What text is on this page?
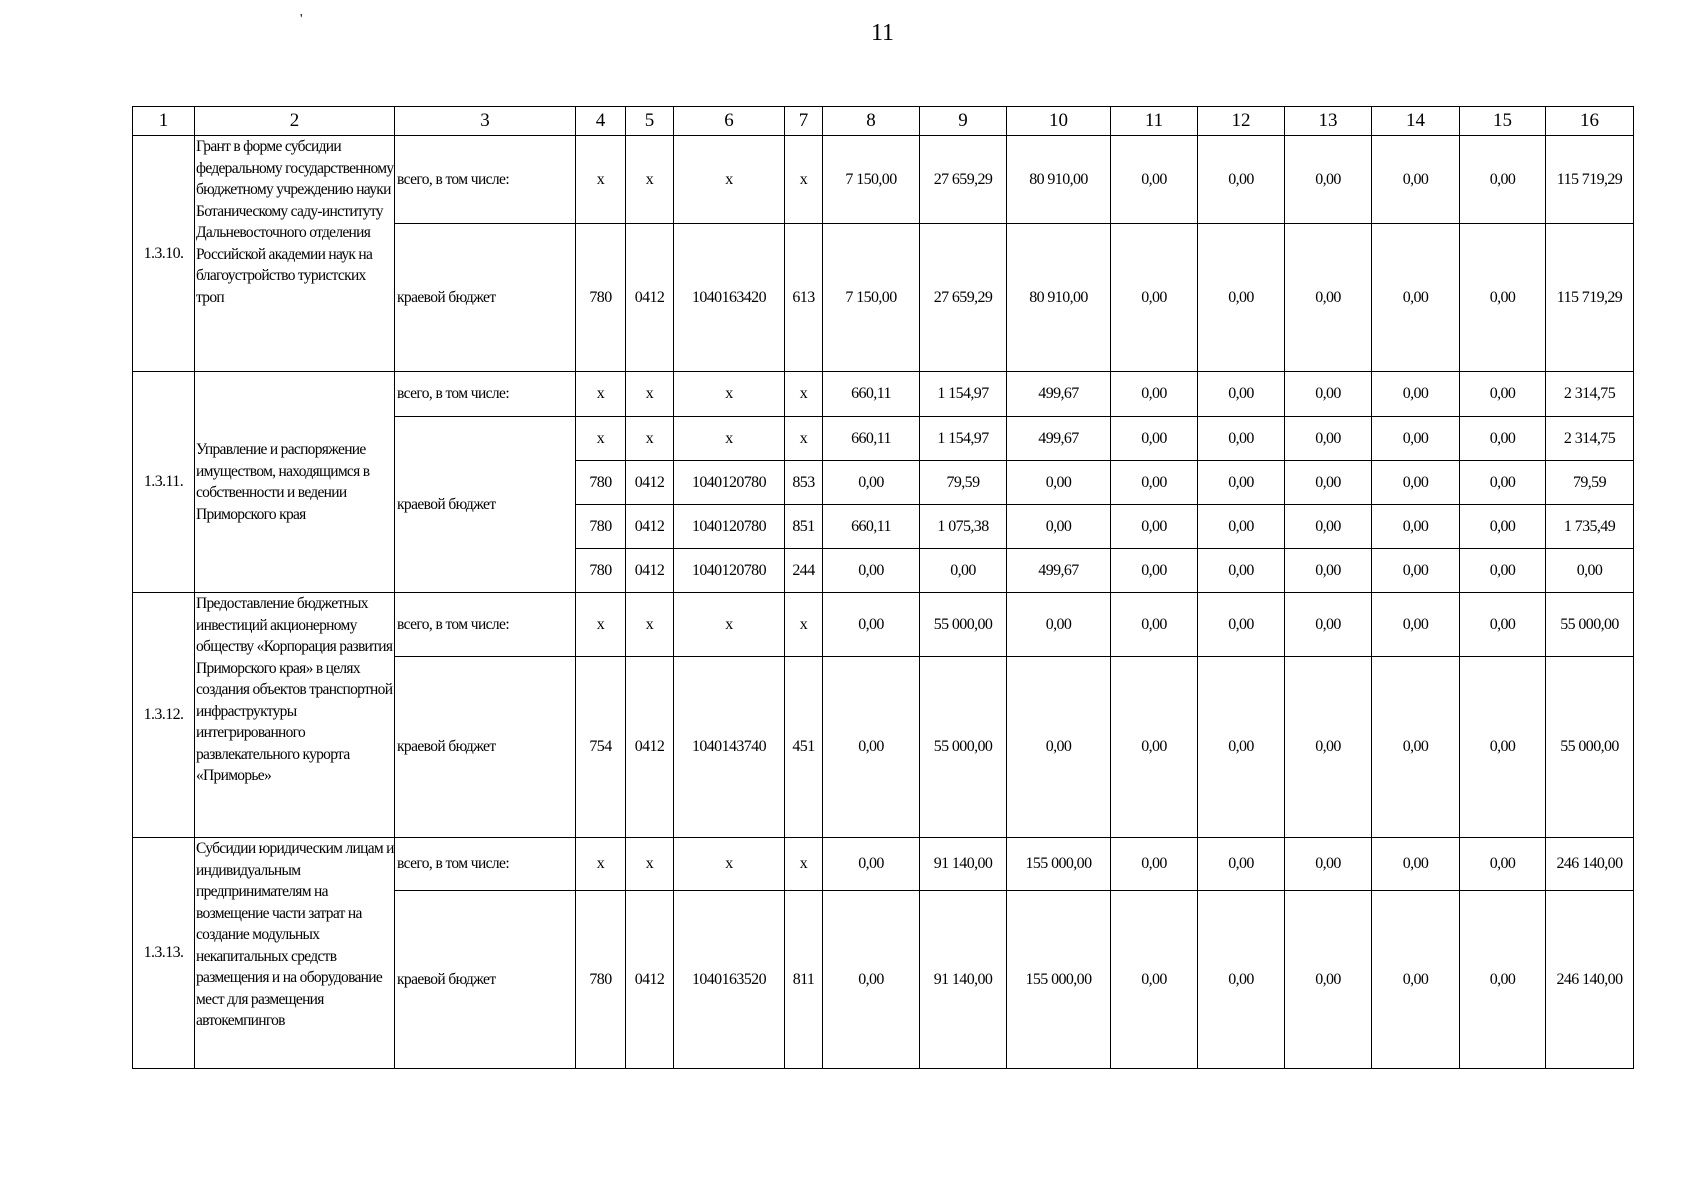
11
'
1	2	3	4	5	6	7	8	9	10	11	12	13	14	15	16
1.3.10.	Грант в форме субсидии федеральному государственному бюджетному учреждению науки Ботаническому саду-институту Дальневосточного отделения Российской академии наук на благоустройство туристских троп	всего, в том числе:	x	x	x	x	7 150,00	27 659,29	80 910,00	0,00	0,00	0,00	0,00	0,00	115 719,29
		краевой бюджет	780	0412	1040163420	613	7 150,00	27 659,29	80 910,00	0,00	0,00	0,00	0,00	0,00	115 719,29
1.3.11.	Управление и распоряжение имуществом, находящимся в собственности и ведении Приморского края	всего, в том числе:	x	x	x	x	660,11	1 154,97	499,67	0,00	0,00	0,00	0,00	0,00	2 314,75
		краевой бюджет	x	x	x	x	660,11	1 154,97	499,67	0,00	0,00	0,00	0,00	0,00	2 314,75
			780	0412	1040120780	853	0,00	79,59	0,00	0,00	0,00	0,00	0,00	0,00	79,59
			780	0412	1040120780	851	660,11	1 075,38	0,00	0,00	0,00	0,00	0,00	0,00	1 735,49
			780	0412	1040120780	244	0,00	0,00	499,67	0,00	0,00	0,00	0,00	0,00	0,00
1.3.12.	Предоставление бюджетных инвестиций акционерному обществу «Корпорация развития Приморского края» в целях создания объектов транспортной инфраструктуры интегрированного развлекательного курорта «Приморье»	всего, в том числе:	x	x	x	x	0,00	55 000,00	0,00	0,00	0,00	0,00	0,00	0,00	55 000,00
		краевой бюджет	754	0412	1040143740	451	0,00	55 000,00	0,00	0,00	0,00	0,00	0,00	0,00	55 000,00
1.3.13.	Субсидии юридическим лицам и индивидуальным предпринимателям на возмещение части затрат на создание модульных некапитальных средств размещения и на оборудование мест для размещения автокемпингов	всего, в том числе:	x	x	x	x	0,00	91 140,00	155 000,00	0,00	0,00	0,00	0,00	0,00	246 140,00
		краевой бюджет	780	0412	1040163520	811	0,00	91 140,00	155 000,00	0,00	0,00	0,00	0,00	0,00	246 140,00
